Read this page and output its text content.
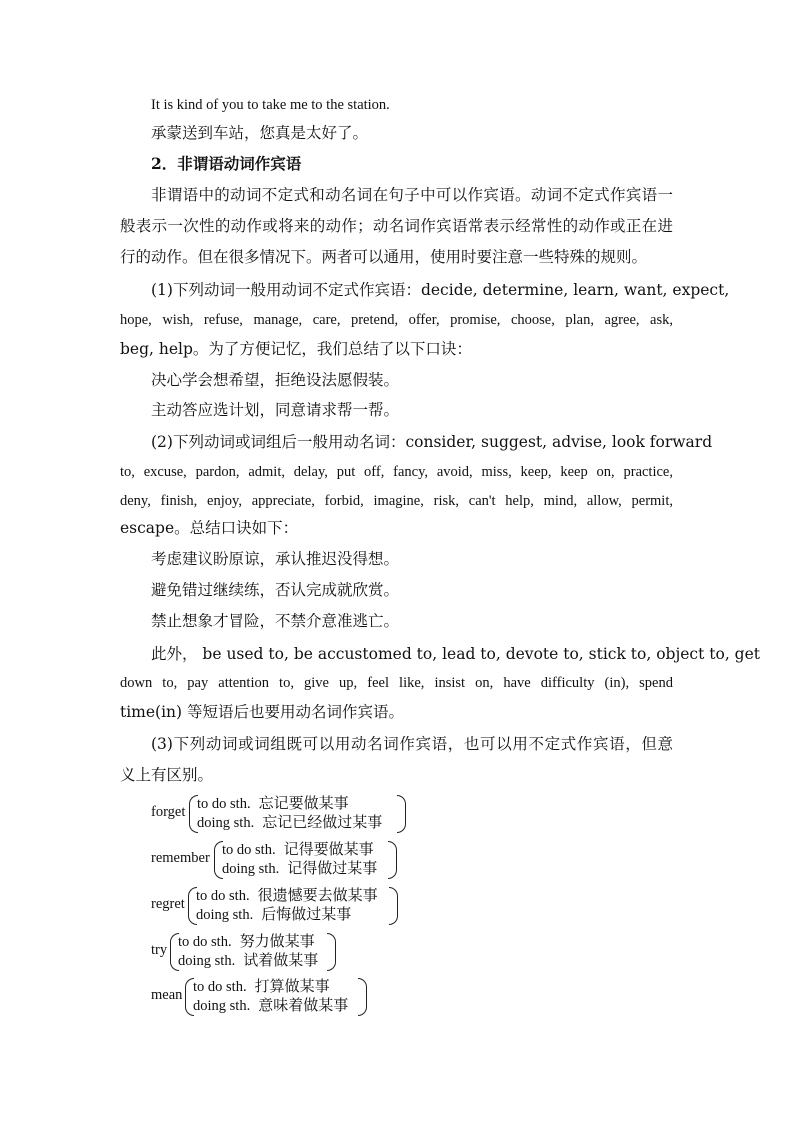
It is kind of you to take me to the station.
承蒙送到车站，您真是太好了。
2．非谓语动词作宾语
非谓语中的动词不定式和动名词在句子中可以作宾语。动词不定式作宾语一
般表示一次性的动作或将来的动作；动名词作宾语常表示经常性的动作或正在进
行的动作。但在很多情况下。两者可以通用，使用时要注意一些特殊的规则。
(1)下列动词一般用动词不定式作宾语：decide, determine, learn, want, expect,
hope, wish, refuse, manage, care, pretend, offer, promise, choose, plan, agree, ask,
beg, help。为了方便记忆，我们总结了以下口诀：
决心学会想希望，拒绝设法愿假装。
主动答应选计划，同意请求帮一帮。
(2)下列动词或词组后一般用动名词：consider, suggest, advise, look forward
to, excuse, pardon, admit, delay, put off, fancy, avoid, miss, keep, keep on, practice,
deny, finish, enjoy, appreciate, forbid, imagine, risk, can't help, mind, allow, permit,
escape。总结口诀如下：
考虑建议盼原谅，承认推迟没得想。
避免错过继续练，否认完成就欣赏。
禁止想象才冒险，不禁介意准逃亡。
此外， be used to, be accustomed to, lead to, devote to, stick to, object to, get
down to, pay attention to, give up, feel like, insist on, have difficulty (in), spend
time(in) 等短语后也要用动名词作宾语。
(3)下列动词或词组既可以用动名词作宾语，也可以用不定式作宾语，但意
义上有区别。
forget to do sth. 忘记要做某事
doing sth. 忘记已经做过某事
remember to do sth. 记得要做某事
doing sth. 记得做过某事
regret to do sth. 很遗憾要去做某事
doing sth. 后悔做过某事
try to do sth. 努力做某事
doing sth. 试着做某事
mean to do sth. 打算做某事
doing sth. 意味着做某事
